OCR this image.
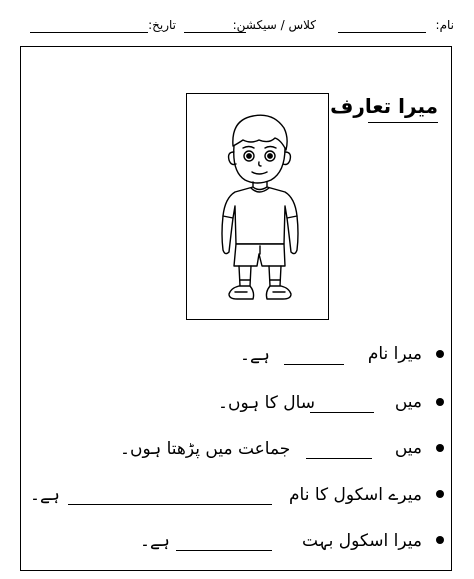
نام:
کلاس / سیکشن:
تاریخ:
میرا تعارف
میرا نام
ہے۔
میں
سال کا ہوں۔
میں
جماعت میں پڑھتا ہوں۔
میرے اسکول کا نام
ہے۔
میرا اسکول بہت
ہے۔
